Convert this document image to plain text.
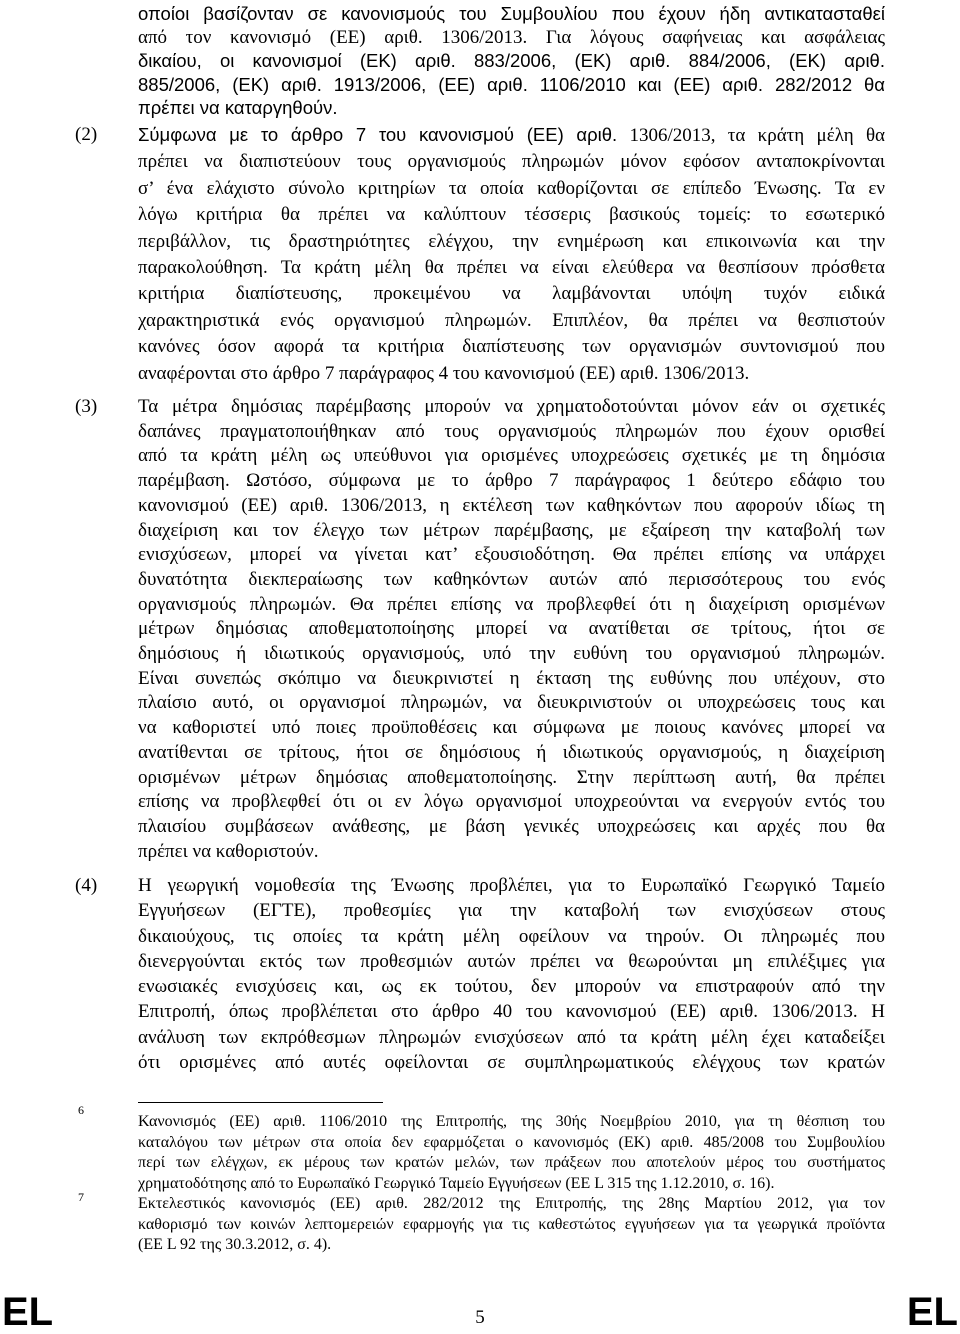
οποίοι βασίζονταν σε κανονισμούς του Συμβουλίου που έχουν ήδη αντικατασταθεί
από τον κανονισμό (ΕΕ) αριθ. 1306/2013. Για λόγους σαφήνειας και ασφάλειας
δικαίου, οι κανονισμοί (ΕΚ) αριθ. 883/2006, (ΕΚ) αριθ. 884/2006, (ΕΚ) αριθ.
885/2006, (ΕΚ) αριθ. 1913/2006, (ΕΕ) αριθ. 1106/2010 και (ΕΕ) αριθ. 282/2012 θα
πρέπει να καταργηθούν.
(2) Σύμφωνα με το άρθρο 7 του κανονισμού (ΕΕ) αριθ. 1306/2013, τα κράτη μέλη θα
πρέπει να διαπιστεύουν τους οργανισμούς πληρωμών μόνον εφόσον ανταποκρίνονται
σ’ ένα ελάχιστο σύνολο κριτηρίων τα οποία καθορίζονται σε επίπεδο Ένωσης. Τα εν
λόγω κριτήρια θα πρέπει να καλύπτουν τέσσερις βασικούς τομείς: το εσωτερικό
περιβάλλον, τις δραστηριότητες ελέγχου, την ενημέρωση και επικοινωνία και την
παρακολούθηση. Τα κράτη μέλη θα πρέπει να είναι ελεύθερα να θεσπίσουν πρόσθετα
κριτήρια διαπίστευσης, προκειμένου να λαμβάνονται υπόψη τυχόν ειδικά
χαρακτηριστικά ενός οργανισμού πληρωμών. Επιπλέον, θα πρέπει να θεσπιστούν
κανόνες όσον αφορά τα κριτήρια διαπίστευσης των οργανισμών συντονισμού που
αναφέρονται στο άρθρο 7 παράγραφος 4 του κανονισμού (ΕΕ) αριθ. 1306/2013.
(3) Τα μέτρα δημόσιας παρέμβασης μπορούν να χρηματοδοτούνται μόνον εάν οι σχετικές
δαπάνες πραγματοποιήθηκαν από τους οργανισμούς πληρωμών που έχουν ορισθεί
από τα κράτη μέλη ως υπεύθυνοι για ορισμένες υποχρεώσεις σχετικές με τη δημόσια
παρέμβαση. Ωστόσο, σύμφωνα με το άρθρο 7 παράγραφος 1 δεύτερο εδάφιο του
κανονισμού (ΕΕ) αριθ. 1306/2013, η εκτέλεση των καθηκόντων που αφορούν ιδίως τη
διαχείριση και τον έλεγχο των μέτρων παρέμβασης, με εξαίρεση την καταβολή των
ενισχύσεων, μπορεί να γίνεται κατ’ εξουσιοδότηση. Θα πρέπει επίσης να υπάρχει
δυνατότητα διεκπεραίωσης των καθηκόντων αυτών από περισσότερους του ενός
οργανισμούς πληρωμών. Θα πρέπει επίσης να προβλεφθεί ότι η διαχείριση ορισμένων
μέτρων δημόσιας αποθεματοποίησης μπορεί να ανατίθεται σε τρίτους, ήτοι σε
δημόσιους ή ιδιωτικούς οργανισμούς, υπό την ευθύνη του οργανισμού πληρωμών.
Είναι συνεπώς σκόπιμο να διευκρινιστεί η έκταση της ευθύνης που υπέχουν, στο
πλαίσιο αυτό, οι οργανισμοί πληρωμών, να διευκρινιστούν οι υποχρεώσεις τους και
να καθοριστεί υπό ποιες προϋποθέσεις και σύμφωνα με ποιους κανόνες μπορεί να
ανατίθενται σε τρίτους, ήτοι σε δημόσιους ή ιδιωτικούς οργανισμούς, η διαχείριση
ορισμένων μέτρων δημόσιας αποθεματοποίησης. Στην περίπτωση αυτή, θα πρέπει
επίσης να προβλεφθεί ότι οι εν λόγω οργανισμοί υποχρεούνται να ενεργούν εντός του
πλαισίου συμβάσεων ανάθεσης, με βάση γενικές υποχρεώσεις και αρχές που θα
πρέπει να καθοριστούν.
(4) Η γεωργική νομοθεσία της Ένωσης προβλέπει, για το Ευρωπαϊκό Γεωργικό Ταμείο
Εγγυήσεων (ΕΓΤΕ), προθεσμίες για την καταβολή των ενισχύσεων στους
δικαιούχους, τις οποίες τα κράτη μέλη οφείλουν να τηρούν. Οι πληρωμές που
διενεργούνται εκτός των προθεσμιών αυτών πρέπει να θεωρούνται μη επιλέξιμες για
ενωσιακές ενισχύσεις και, ως εκ τούτου, δεν μπορούν να επιστραφούν από την
Επιτροπή, όπως προβλέπεται στο άρθρο 40 του κανονισμού (ΕΕ) αριθ. 1306/2013. Η
ανάλυση των εκπρόθεσμων πληρωμών ενισχύσεων από τα κράτη μέλη έχει καταδείξει
ότι ορισμένες από αυτές οφείλονται σε συμπληρωματικούς ελέγχους των κρατών
6
Κανονισμός (ΕΕ) αριθ. 1106/2010 της Επιτροπής, της 30ής Νοεμβρίου 2010, για τη θέσπιση του
καταλόγου των μέτρων στα οποία δεν εφαρμόζεται ο κανονισμός (ΕΚ) αριθ. 485/2008 του Συμβουλίου
περί των ελέγχων, εκ μέρους των κρατών μελών, των πράξεων που αποτελούν μέρος του συστήματος
χρηματοδότησης από το Ευρωπαϊκό Γεωργικό Ταμείο Εγγυήσεων (ΕΕ L 315 της 1.12.2010, σ. 16).
7	Εκτελεστικός κανονισμός (ΕΕ) αριθ. 282/2012 της Επιτροπής, της 28ης Μαρτίου 2012, για τον
καθορισμό των κοινών λεπτομερειών εφαρμογής για τις καθεστώτος εγγυήσεων για τα γεωργικά προϊόντα
(ΕΕ L 92 της 30.3.2012, σ. 4).
EL	5	EL
